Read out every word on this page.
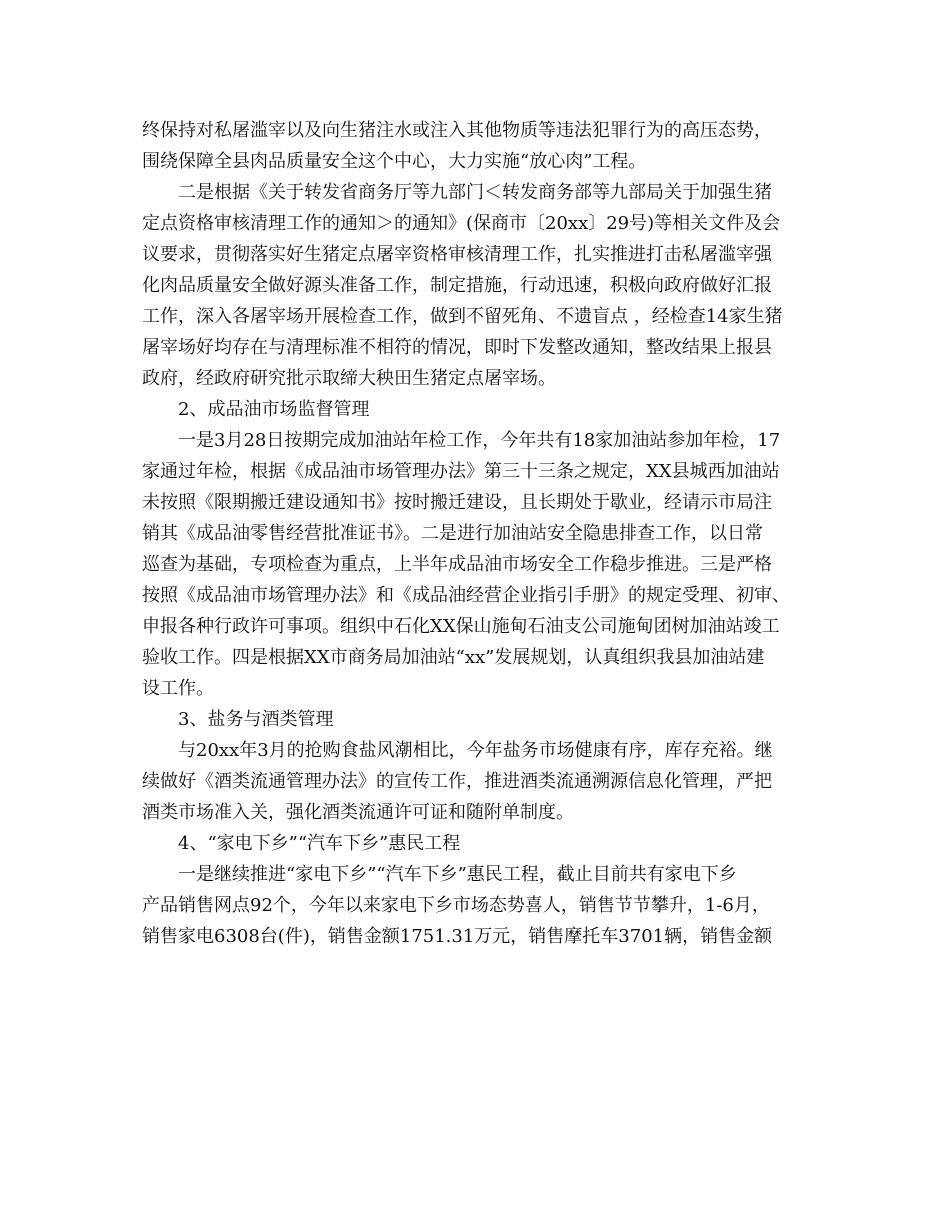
终保持对私屠滥宰以及向生猪注水或注入其他物质等违法犯罪行为的高压态势，
围绕保障全县肉品质量安全这个中心，大力实施“放心肉”工程。
二是根据《关于转发省商务厅等九部门＜转发商务部等九部局关于加强生猪
定点资格审核清理工作的通知＞的通知》(保商市〔20xx〕29号)等相关文件及会
议要求，贯彻落实好生猪定点屠宰资格审核清理工作，扎实推进打击私屠滥宰强
化肉品质量安全做好源头准备工作，制定措施，行动迅速，积极向政府做好汇报
工作，深入各屠宰场开展检查工作，做到不留死角、不遗盲点 ，经检查14家生猪
屠宰场好均存在与清理标准不相符的情况，即时下发整改通知，整改结果上报县
政府，经政府研究批示取缔大秧田生猪定点屠宰场。
2、成品油市场监督管理
一是3月28日按期完成加油站年检工作，今年共有18家加油站参加年检，17
家通过年检，根据《成品油市场管理办法》第三十三条之规定，XX县城西加油站
未按照《限期搬迁建设通知书》按时搬迁建设，且长期处于歇业，经请示市局注
销其《成品油零售经营批准证书》。二是进行加油站安全隐患排查工作，以日常
巡查为基础，专项检查为重点，上半年成品油市场安全工作稳步推进。三是严格
按照《成品油市场管理办法》和《成品油经营企业指引手册》的规定受理、初审、
申报各种行政许可事项。组织中石化XX保山施甸石油支公司施甸团树加油站竣工
验收工作。四是根据XX市商务局加油站“xx”发展规划，认真组织我县加油站建
设工作。
3、盐务与酒类管理
与20xx年3月的抢购食盐风潮相比，今年盐务市场健康有序，库存充裕。继
续做好《酒类流通管理办法》的宣传工作，推进酒类流通溯源信息化管理，严把
酒类市场准入关，强化酒类流通许可证和随附单制度。
4、“家电下乡”“汽车下乡”惠民工程
一是继续推进“家电下乡”“汽车下乡”惠民工程，截止目前共有家电下乡
产品销售网点92个，今年以来家电下乡市场态势喜人，销售节节攀升，1-6月，
销售家电6308台(件)，销售金额1751.31万元，销售摩托车3701辆，销售金额
